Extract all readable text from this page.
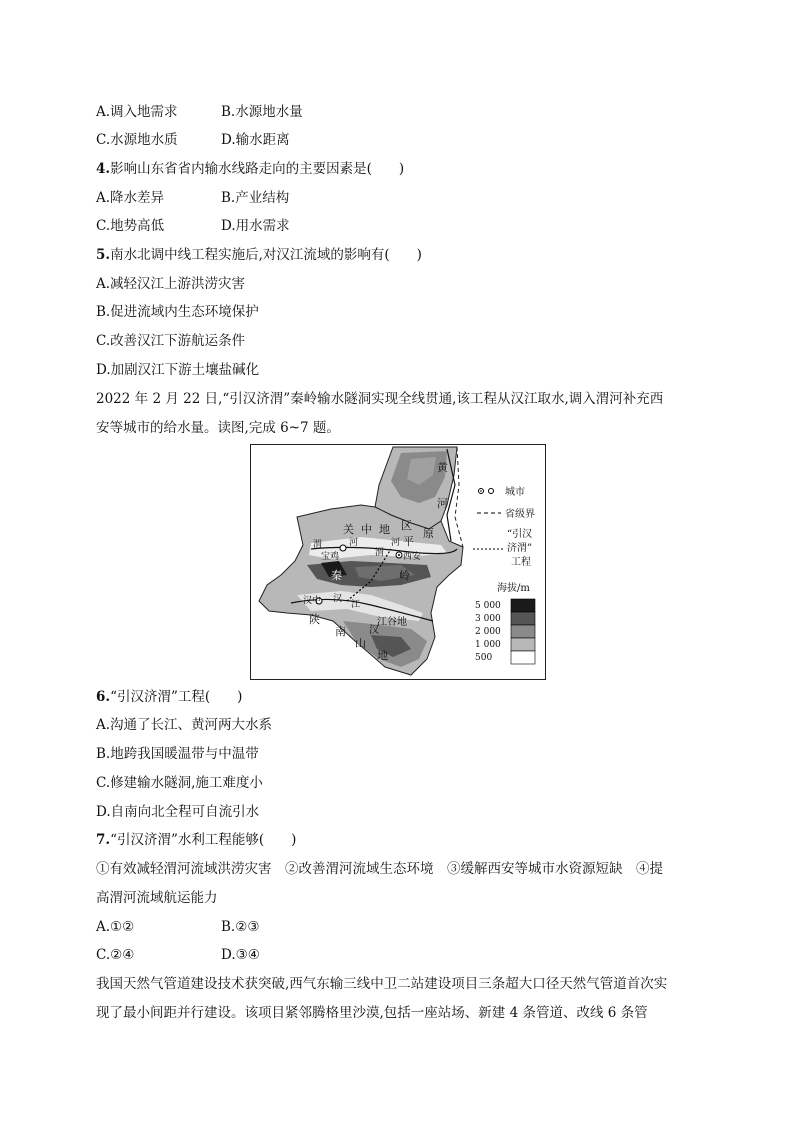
A.调入地需求	B.水源地水量
C.水源地水质	D.输水距离
4.影响山东省省内输水线路走向的主要因素是(　　)
A.降水差异	B.产业结构
C.地势高低	D.用水需求
5.南水北调中线工程实施后,对汉江流域的影响有(　　)
A.减轻汉江上游洪涝灾害
B.促进流域内生态环境保护
C.改善汉江下游航运条件
D.加剧汉江下游土壤盐碱化
2022 年 2 月 22 日,“引汉济渭”秦岭输水隧洞实现全线贯通,该工程从汉江取水,调入渭河补充西
安等城市的给水量。读图,完成 6~7 题。
黄
河
关 中 地 区
平
原
渭	河
渭
河
宝鸡	西安
秦	岭
汉中 汉
江
汉
江谷地
陕
南
山
地
城市
省级界
“引汉
济渭”
工程
海拔/m
5 000
3 000
2 000
1 000
500
6.“引汉济渭”工程(　　)
A.沟通了长江、黄河两大水系
B.地跨我国暖温带与中温带
C.修建输水隧洞,施工难度小
D.自南向北全程可自流引水
7.“引汉济渭”水利工程能够(　　)
①有效减轻渭河流域洪涝灾害　②改善渭河流域生态环境　③缓解西安等城市水资源短缺　④提
高渭河流域航运能力
A.①②	B.②③
C.②④	D.③④
我国天然气管道建设技术获突破,西气东输三线中卫二站建设项目三条超大口径天然气管道首次实
现了最小间距并行建设。该项目紧邻腾格里沙漠,包括一座站场、新建 4 条管道、改线 6 条管
